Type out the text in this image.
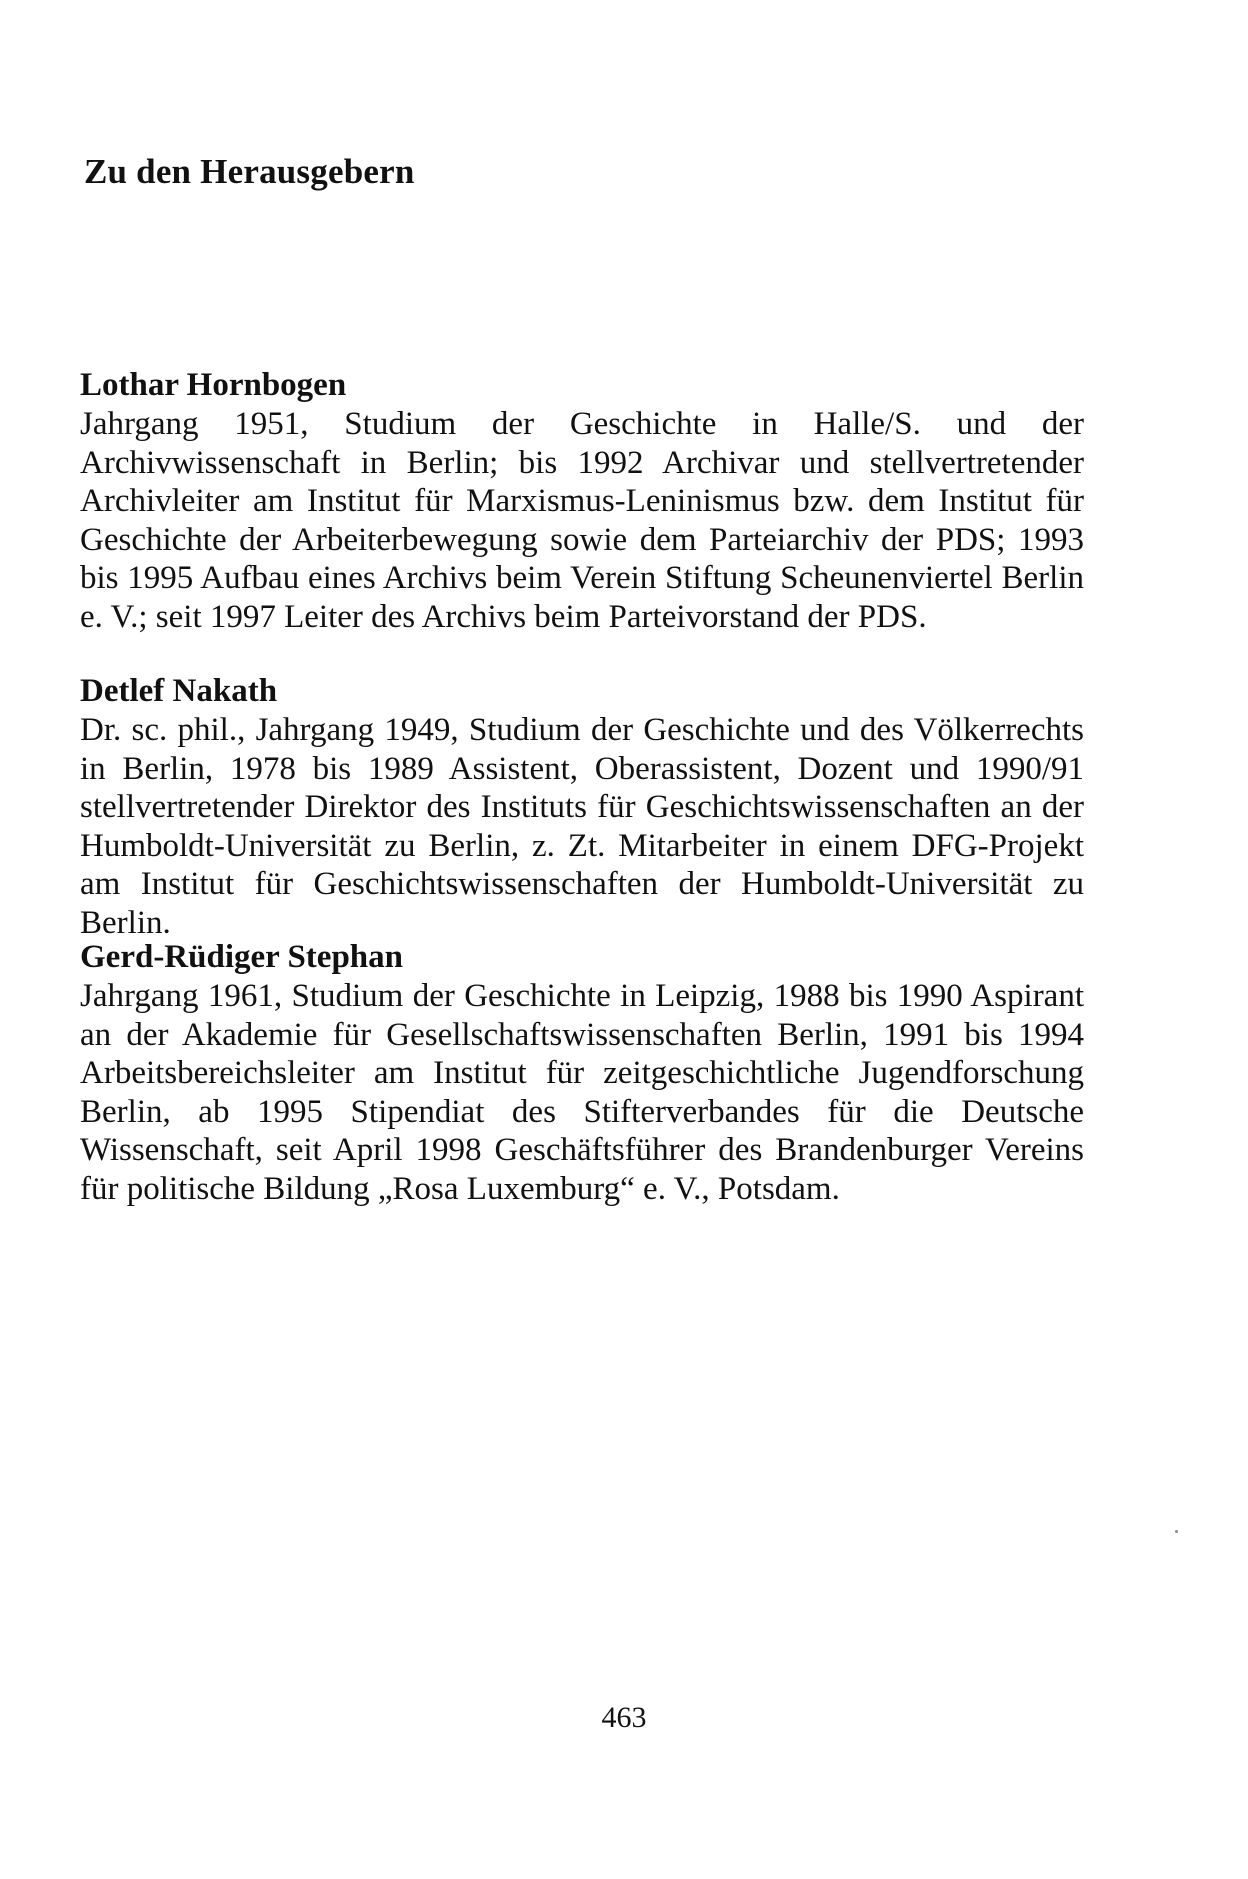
Zu den Herausgebern
Lothar Hornbogen

Jahrgang 1951, Studium der Geschichte in Halle/S. und der Archivwissenschaft in Berlin; bis 1992 Archivar und stellvertretender Archivleiter am Institut für Marxismus-Leninismus bzw. dem Institut für Geschichte der Arbeiterbewegung sowie dem Parteiarchiv der PDS; 1993 bis 1995 Aufbau eines Archivs beim Verein Stiftung Scheunenviertel Berlin e. V.; seit 1997 Leiter des Archivs beim Parteivorstand der PDS.

Detlef Nakath

Dr. sc. phil., Jahrgang 1949, Studium der Geschichte und des Völkerrechts in Berlin, 1978 bis 1989 Assistent, Oberassistent, Dozent und 1990/91 stellvertretender Direktor des Instituts für Geschichtswissenschaften an der Humboldt-Universität zu Berlin, z. Zt. Mitarbeiter in einem DFG-Projekt am Institut für Geschichtswissenschaften der Humboldt-Universität zu Berlin.

Gerd-Rüdiger Stephan

Jahrgang 1961, Studium der Geschichte in Leipzig, 1988 bis 1990 Aspirant an der Akademie für Gesellschaftswissenschaften Berlin, 1991 bis 1994 Arbeitsbereichsleiter am Institut für zeitgeschichtliche Jugendforschung Berlin, ab 1995 Stipendiat des Stifterverbandes für die Deutsche Wissenschaft, seit April 1998 Geschäftsführer des Brandenburger Vereins für politische Bildung „Rosa Luxemburg“ e. V., Potsdam.

463
